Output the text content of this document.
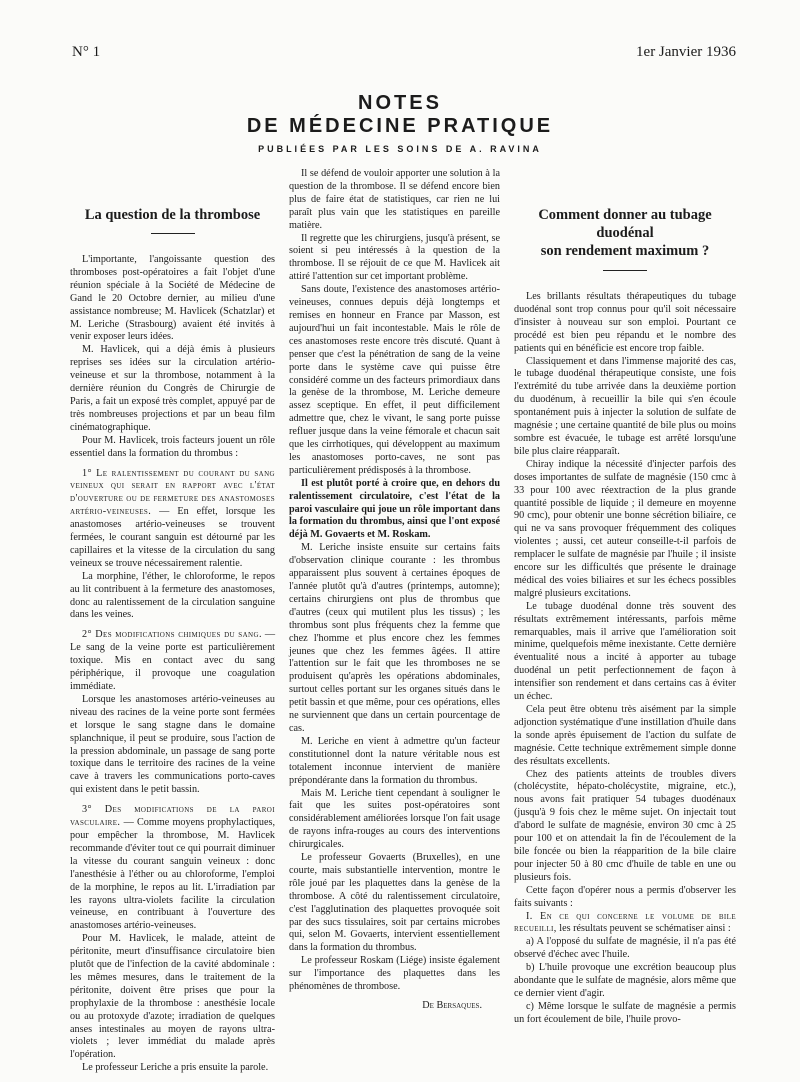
N° 1	1er Janvier 1936
NOTES
DE MÉDECINE PRATIQUE
PUBLIÉES PAR LES SOINS DE A. RAVINA
La question de la thrombose

L'importante, l'angoissante question des thromboses post-opératoires a fait l'objet d'une réunion spéciale à la Société de Médecine de Gand le 20 Octobre dernier, au milieu d'une assistance nombreuse; M. Havlicek (Schatzlar) et M. Leriche (Strasbourg) avaient été invités à venir exposer leurs idées.

M. Havlicek, qui a déjà émis à plusieurs reprises ses idées sur la circulation artério-veineuse et sur la thrombose, notamment à la dernière réunion du Congrès de Chirurgie de Paris, a fait un exposé très complet, appuyé par de très nombreuses projections et par un beau film cinématographique.

Pour M. Havlicek, trois facteurs jouent un rôle essentiel dans la formation du thrombus :

1° Le ralentissement du courant du sang veineux qui serait en rapport avec l'état d'ouverture ou de fermeture des anastomoses artério-veineuses. — En effet, lorsque les anastomoses artério-veineuses se trouvent fermées, le courant sanguin est détourné par les capillaires et la vitesse de la circulation du sang veineux se trouve nécessairement ralentie.

La morphine, l'éther, le chloroforme, le repos au lit contribuent à la fermeture des anastomoses, donc au ralentissement de la circulation sanguine dans les veines.

2° Des modifications chimiques du sang. — Le sang de la veine porte est particulièrement toxique. Mis en contact avec du sang périphérique, il provoque une coagulation immédiate.

Lorsque les anastomoses artério-veineuses au niveau des racines de la veine porte sont fermées et lorsque le sang stagne dans le domaine splanchnique, il peut se produire, sous l'action de la pression abdominale, un passage de sang porte toxique dans le territoire des racines de la veine cave à travers les communications porto-caves qui existent dans le petit bassin.

3° Des modifications de la paroi vasculaire. — Comme moyens prophylactiques, pour empêcher la thrombose, M. Havlicek recommande d'éviter tout ce qui pourrait diminuer la vitesse du courant sanguin veineux : donc l'anesthésie à l'éther ou au chloroforme, l'emploi de la morphine, le repos au lit. L'irradiation par les rayons ultra-violets facilite la circulation veineuse, en contribuant à l'ouverture des anastomoses artério-veineuses.

Pour M. Havlicek, le malade, atteint de péritonite, meurt d'insuffisance circulatoire bien plutôt que de l'infection de la cavité abdominale : les mêmes mesures, dans le traitement de la péritonite, doivent être prises que pour la prophylaxie de la thrombose : anesthésie locale ou au protoxyde d'azote; irradiation de quelques anses intestinales au moyen de rayons ultra-violets ; lever immédiat du malade après l'opération.

Le professeur Leriche a pris ensuite la parole.

Il se défend de vouloir apporter une solution à la question de la thrombose. Il se défend encore bien plus de faire état de statistiques, car rien ne lui paraît plus vain que les statistiques en pareille matière.

Il regrette que les chirurgiens, jusqu'à présent, se soient si peu intéressés à la question de la thrombose. Il se réjouit de ce que M. Havlicek ait attiré l'attention sur cet important problème.

Sans doute, l'existence des anastomoses artério-veineuses, connues depuis déjà longtemps et remises en honneur en France par Masson, est aujourd'hui un fait incontestable. Mais le rôle de ces anastomoses reste encore très discuté. Quant à penser que c'est la pénétration de sang de la veine porte dans le système cave qui puisse être considéré comme un des facteurs primordiaux dans la genèse de la thrombose, M. Leriche demeure assez sceptique. En effet, il peut difficilement admettre que, chez le vivant, le sang porte puisse refluer jusque dans la veine fémorale et chacun sait que les cirrhotiques, qui développent au maximum les anastomoses porto-caves, ne sont pas particulièrement prédisposés à la thrombose.

Il est plutôt porté à croire que, en dehors du ralentissement circulatoire, c'est l'état de la paroi vasculaire qui joue un rôle important dans la formation du thrombus, ainsi que l'ont exposé déjà M. Govaerts et M. Roskam.

M. Leriche insiste ensuite sur certains faits d'observation clinique courante : les thrombus apparaissent plus souvent à certaines époques de l'année plutôt qu'à d'autres (printemps, automne); certains chirurgiens ont plus de thrombus que d'autres (ceux qui mutilent plus les tissus) ; les thrombus sont plus fréquents chez la femme que chez l'homme et plus encore chez les femmes jeunes que chez les femmes âgées. Il attire l'attention sur le fait que les thromboses ne se produisent qu'après les opérations abdominales, surtout celles portant sur les organes situés dans le petit bassin et que même, pour ces opérations, elles ne surviennent que dans un certain pourcentage de cas.

M. Leriche en vient à admettre qu'un facteur constitutionnel dont la nature véritable nous est totalement inconnue intervient de manière prépondérante dans la formation du thrombus.

Mais M. Leriche tient cependant à souligner le fait que les suites post-opératoires sont considérablement améliorées lorsque l'on fait usage de rayons infra-rouges au cours des interventions chirurgicales.

Le professeur Govaerts (Bruxelles), en une courte, mais substantielle intervention, montre le rôle joué par les plaquettes dans la genèse de la thrombose. A côté du ralentissement circulatoire, c'est l'agglutination des plaquettes provoquée soit par des sucs tissulaires, soit par certains microbes qui, selon M. Govaerts, intervient essentiellement dans la formation du thrombus.

Le professeur Roskam (Liége) insiste également sur l'importance des plaquettes dans les phénomènes de thrombose.

De Bersaques.
Comment donner au tubage duodénal
son rendement maximum ?

Les brillants résultats thérapeutiques du tubage duodénal sont trop connus pour qu'il soit nécessaire d'insister à nouveau sur son emploi. Pourtant ce procédé est bien peu répandu et le nombre des patients qui en bénéficie est encore trop faible.

Classiquement et dans l'immense majorité des cas, le tubage duodénal thérapeutique consiste, une fois l'extrémité du tube arrivée dans la deuxième portion du duodénum, à recueillir la bile qui s'en écoule spontanément puis à injecter la solution de sulfate de magnésie ; une certaine quantité de bile plus ou moins sombre est évacuée, le tubage est arrêté lorsqu'une bile plus claire réapparaît.

Chiray indique la nécessité d'injecter parfois des doses importantes de sulfate de magnésie (150 cmc à 33 pour 100 avec réextraction de la plus grande quantité possible de liquide ; il demeure en moyenne 90 cmc), pour obtenir une bonne sécrétion biliaire, ce qui ne va sans provoquer fréquemment des coliques violentes ; aussi, cet auteur conseille-t-il parfois de remplacer le sulfate de magnésie par l'huile ; il insiste encore sur les difficultés que présente le drainage médical des voies biliaires et sur les échecs possibles malgré plusieurs excitations.

Le tubage duodénal donne très souvent des résultats extrêmement intéressants, parfois même remarquables, mais il arrive que l'amélioration soit minime, quelquefois même inexistante. Cette dernière éventualité nous a incité à apporter au tubage duodénal un petit perfectionnement de façon à intensifier son rendement et dans certains cas à éviter un échec.

Cela peut être obtenu très aisément par la simple adjonction systématique d'une instillation d'huile dans la sonde après épuisement de l'action du sulfate de magnésie. Cette technique extrêmement simple donne des résultats excellents.

Chez des patients atteints de troubles divers (cholécystite, hépato-cholécystite, migraine, etc.), nous avons fait pratiquer 54 tubages duodénaux (jusqu'à 9 fois chez le même sujet. On injectait tout d'abord le sulfate de magnésie, environ 30 cmc à 25 pour 100 et on attendait la fin de l'écoulement de la bile foncée ou bien la réapparition de la bile claire pour injecter 50 à 80 cmc d'huile de table en une ou plusieurs fois.

Cette façon d'opérer nous a permis d'observer les faits suivants :

I. En ce qui concerne le volume de bile recueilli, les résultats peuvent se schématiser ainsi :

a) A l'opposé du sulfate de magnésie, il n'a pas été observé d'échec avec l'huile.

b) L'huile provoque une excrétion beaucoup plus abondante que le sulfate de magnésie, alors même que ce dernier vient d'agir.

c) Même lorsque le sulfate de magnésie a permis un fort écoulement de bile, l'huile provo-
